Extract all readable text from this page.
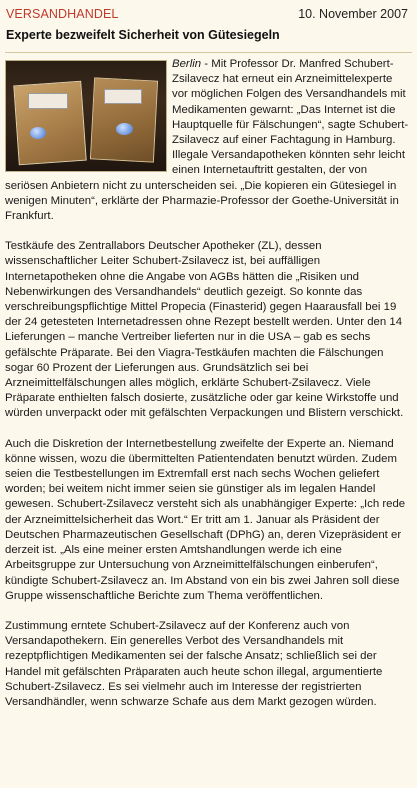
VERSANDHANDEL	10. November 2007
Experte bezweifelt Sicherheit von Gütesiegeln

Berlin - Mit Professor Dr. Manfred Schubert-Zsilavecz hat erneut ein Arzneimittelexperte vor möglichen Folgen des Versandhandels mit Medikamenten gewarnt: „Das Internet ist die Hauptquelle für Fälschungen“, sagte Schubert-Zsilavecz auf einer Fachtagung in Hamburg. Illegale Versandapotheken könnten sehr leicht einen Internetauftritt gestalten, der von seriösen Anbietern nicht zu unterscheiden sei. „Die kopieren ein Gütesiegel in wenigen Minuten“, erklärte der Pharmazie-Professor der Goethe-Universität in Frankfurt.

Testkäufe des Zentrallabors Deutscher Apotheker (ZL), dessen wissenschaftlicher Leiter Schubert-Zsilavecz ist, bei auffälligen Internetapotheken ohne die Angabe von AGBs hätten die „Risiken und Nebenwirkungen des Versandhandels“ deutlich gezeigt. So konnte das verschreibungspflichtige Mittel Propecia (Finasterid) gegen Haarausfall bei 19 der 24 getesteten Internetadressen ohne Rezept bestellt werden. Unter den 14 Lieferungen – manche Vertreiber lieferten nur in die USA – gab es sechs gefälschte Präparate. Bei den Viagra-Testkäufen machten die Fälschungen sogar 60 Prozent der Lieferungen aus. Grundsätzlich sei bei Arzneimittelfälschungen alles möglich, erklärte Schubert-Zsilavecz. Viele Präparate enthielten falsch dosierte, zusätzliche oder gar keine Wirkstoffe und würden unverpackt oder mit gefälschten Verpackungen und Blistern verschickt.

Auch die Diskretion der Internetbestellung zweifelte der Experte an. Niemand könne wissen, wozu die übermittelten Patientendaten benutzt würden. Zudem seien die Testbestellungen im Extremfall erst nach sechs Wochen geliefert worden; bei weitem nicht immer seien sie günstiger als im legalen Handel gewesen. Schubert-Zsilavecz versteht sich als unabhängiger Experte: „Ich rede der Arzneimittelsicherheit das Wort.“ Er tritt am 1. Januar als Präsident der Deutschen Pharmazeutischen Gesellschaft (DPhG) an, deren Vizepräsident er derzeit ist. „Als eine meiner ersten Amtshandlungen werde ich eine Arbeitsgruppe zur Untersuchung von Arzneimittelfälschungen einberufen“, kündigte Schubert-Zsilavecz an. Im Abstand von ein bis zwei Jahren soll diese Gruppe wissenschaftliche Berichte zum Thema veröffentlichen.

Zustimmung erntete Schubert-Zsilavecz auf der Konferenz auch von Versandapothekern. Ein generelles Verbot des Versandhandels mit rezeptpflichtigen Medikamenten sei der falsche Ansatz; schließlich sei der Handel mit gefälschten Präparaten auch heute schon illegal, argumentierte Schubert-Zsilavecz. Es sei vielmehr auch im Interesse der registrierten Versandhändler, wenn schwarze Schafe aus dem Markt gezogen würden.
